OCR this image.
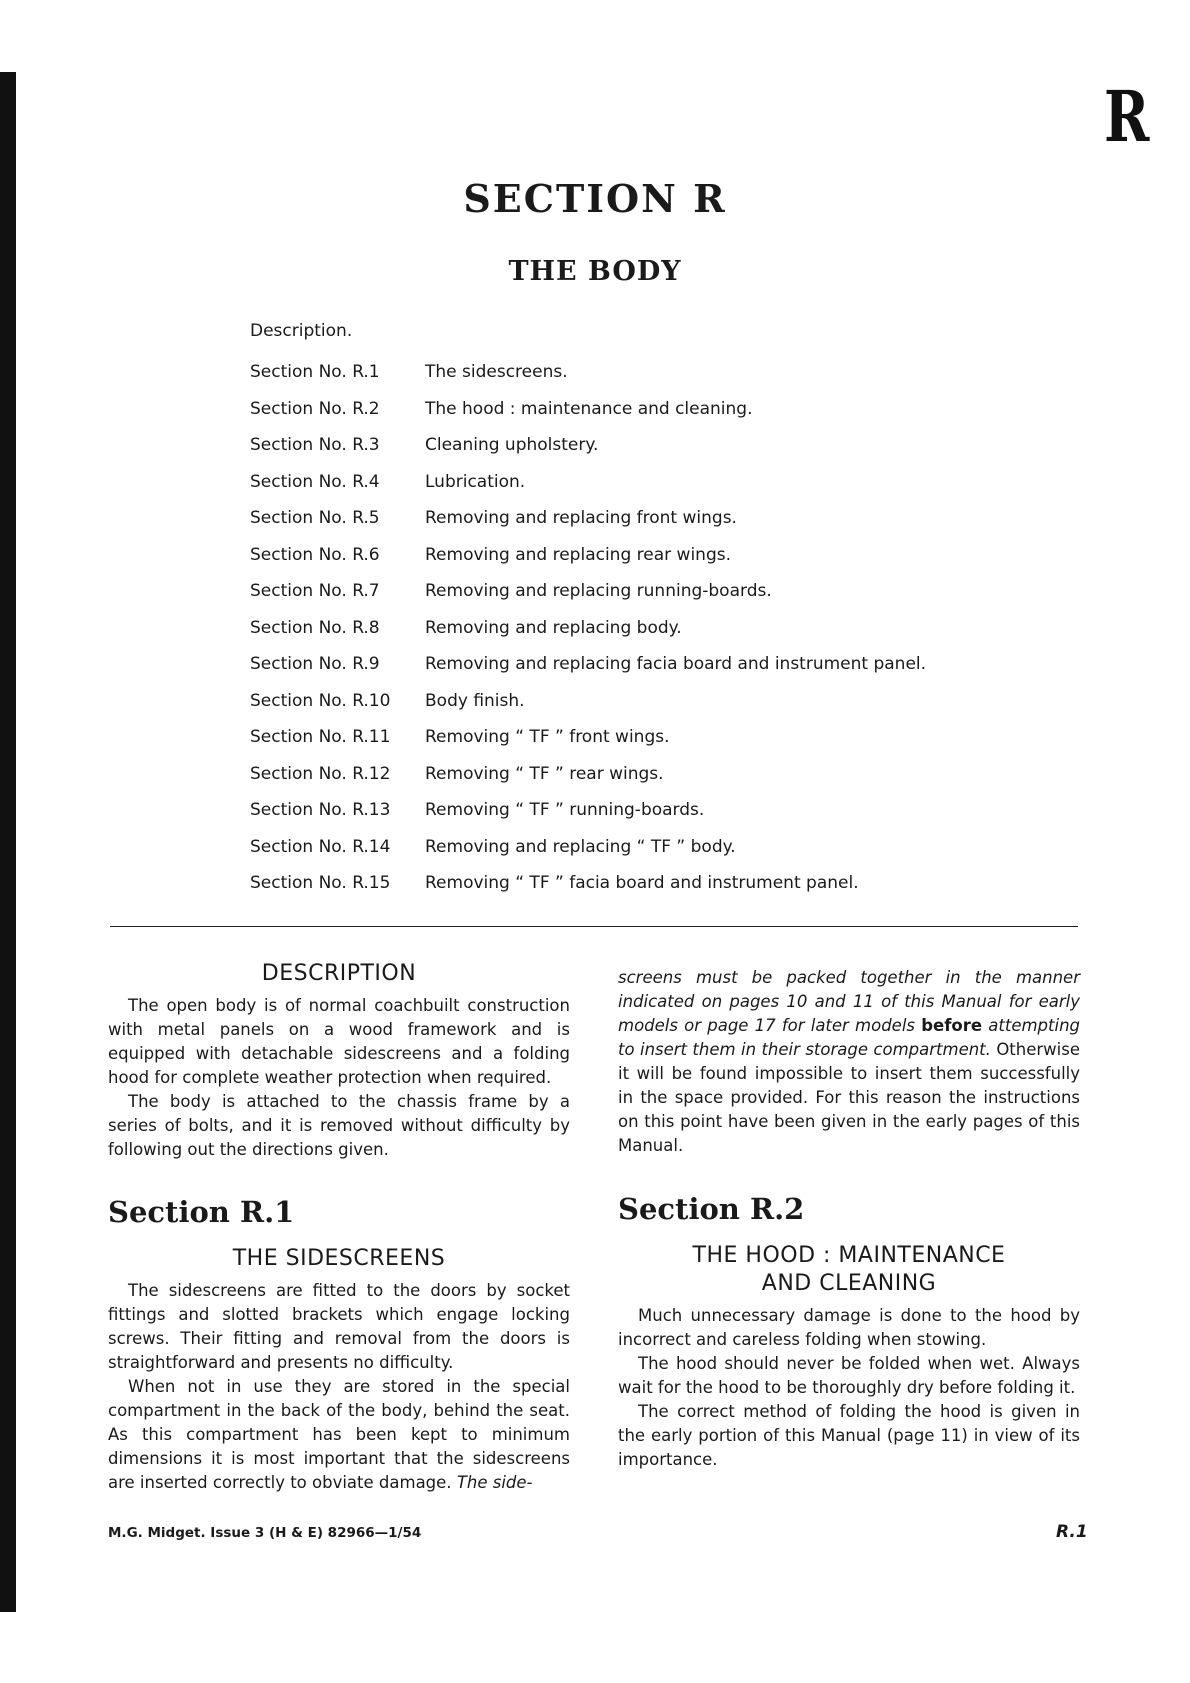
R
SECTION R
THE BODY
Description.
Section No. R.1	The sidescreens.
Section No. R.2	The hood : maintenance and cleaning.
Section No. R.3	Cleaning upholstery.
Section No. R.4	Lubrication.
Section No. R.5	Removing and replacing front wings.
Section No. R.6	Removing and replacing rear wings.
Section No. R.7	Removing and replacing running-boards.
Section No. R.8	Removing and replacing body.
Section No. R.9	Removing and replacing facia board and instrument panel.
Section No. R.10	Body finish.
Section No. R.11	Removing “ TF ” front wings.
Section No. R.12	Removing “ TF ” rear wings.
Section No. R.13	Removing “ TF ” running-boards.
Section No. R.14	Removing and replacing “ TF ” body.
Section No. R.15	Removing “ TF ” facia board and instrument panel.
DESCRIPTION

The open body is of normal coachbuilt construction with metal panels on a wood framework and is equipped with detachable sidescreens and a folding hood for complete weather protection when required.

The body is attached to the chassis frame by a series of bolts, and it is removed without difficulty by following out the directions given.

Section R.1
THE SIDESCREENS

The sidescreens are fitted to the doors by socket fittings and slotted brackets which engage locking screws. Their fitting and removal from the doors is straightforward and presents no difficulty.

When not in use they are stored in the special compartment in the back of the body, behind the seat. As this compartment has been kept to minimum dimensions it is most important that the sidescreens are inserted correctly to obviate damage. The side-

screens must be packed together in the manner indicated on pages 10 and 11 of this Manual for early models or page 17 for later models before attempting to insert them in their storage compartment. Otherwise it will be found impossible to insert them successfully in the space provided. For this reason the instructions on this point have been given in the early pages of this Manual.

Section R.2
THE HOOD : MAINTENANCE
AND CLEANING

Much unnecessary damage is done to the hood by incorrect and careless folding when stowing.

The hood should never be folded when wet. Always wait for the hood to be thoroughly dry before folding it.

The correct method of folding the hood is given in the early portion of this Manual (page 11) in view of its importance.

M.G. Midget. Issue 3 (H & E) 82966—1/54	R.1
